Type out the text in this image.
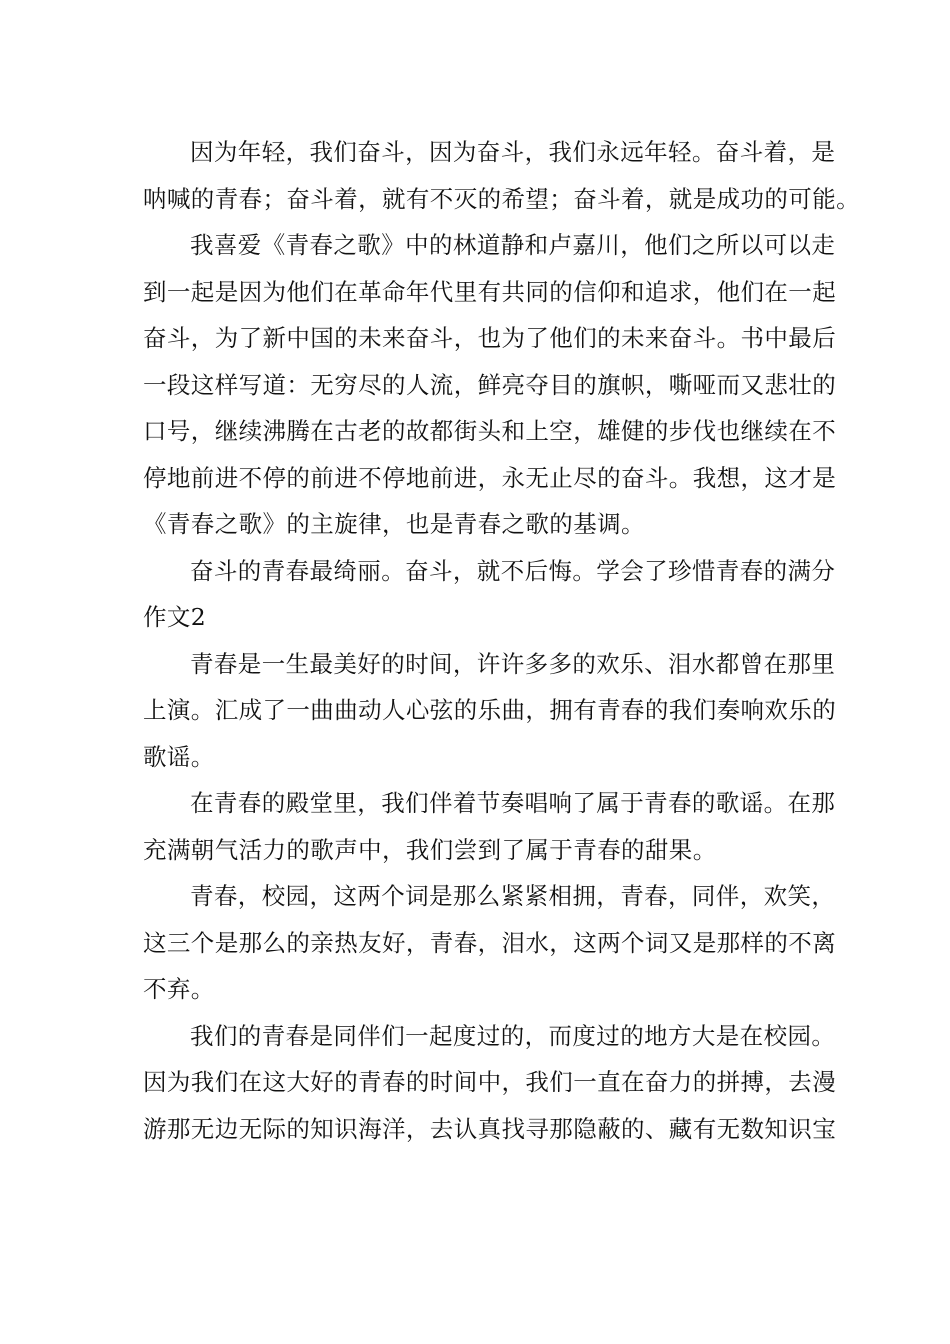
因为年轻，我们奋斗，因为奋斗，我们永远年轻。奋斗着，是
呐喊的青春；奋斗着，就有不灭的希望；奋斗着，就是成功的可能。
我喜爱《青春之歌》中的林道静和卢嘉川，他们之所以可以走
到一起是因为他们在革命年代里有共同的信仰和追求，他们在一起
奋斗，为了新中国的未来奋斗，也为了他们的未来奋斗。书中最后
一段这样写道：无穷尽的人流，鲜亮夺目的旗帜，嘶哑而又悲壮的
口号，继续沸腾在古老的故都街头和上空，雄健的步伐也继续在不
停地前进不停的前进不停地前进，永无止尽的奋斗。我想，这才是
《青春之歌》的主旋律，也是青春之歌的基调。
奋斗的青春最绮丽。奋斗，就不后悔。学会了珍惜青春的满分
作文2
青春是一生最美好的时间，许许多多的欢乐、泪水都曾在那里
上演。汇成了一曲曲动人心弦的乐曲，拥有青春的我们奏响欢乐的
歌谣。
在青春的殿堂里，我们伴着节奏唱响了属于青春的歌谣。在那
充满朝气活力的歌声中，我们尝到了属于青春的甜果。
青春，校园，这两个词是那么紧紧相拥，青春，同伴，欢笑，
这三个是那么的亲热友好，青春，泪水，这两个词又是那样的不离
不弃。
我们的青春是同伴们一起度过的，而度过的地方大是在校园。
因为我们在这大好的青春的时间中，我们一直在奋力的拼搏，去漫
游那无边无际的知识海洋，去认真找寻那隐蔽的、藏有无数知识宝
